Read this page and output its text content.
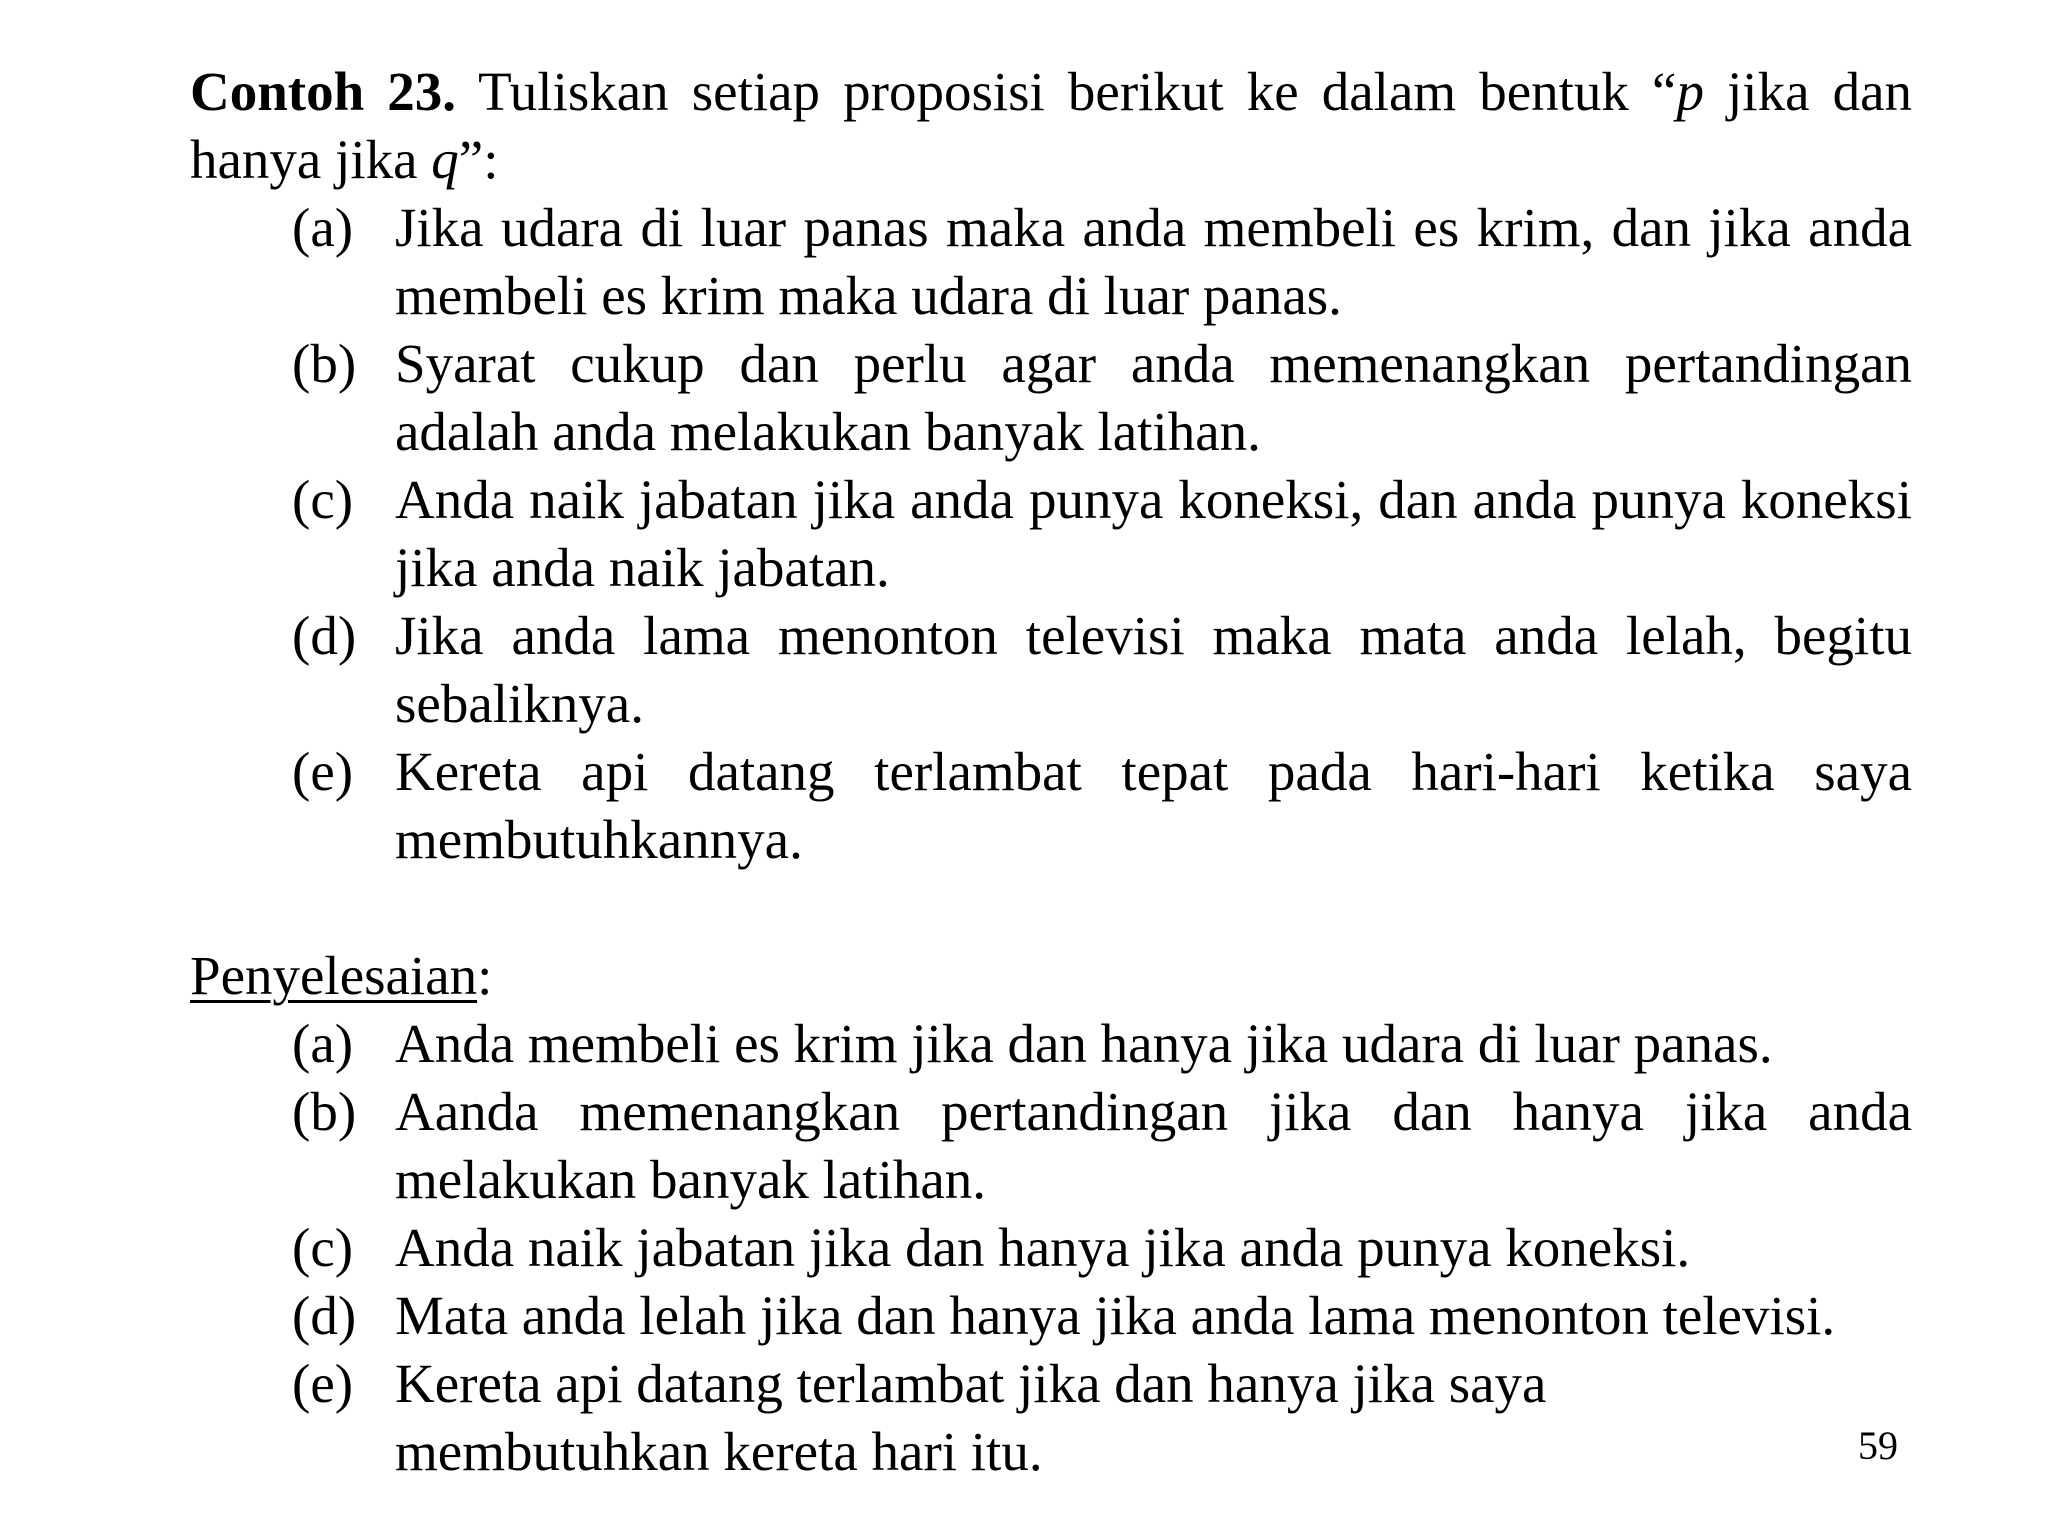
Contoh 23. Tuliskan setiap proposisi berikut ke dalam bentuk “p jika dan hanya jika q”:

(a) Jika udara di luar panas maka anda membeli es krim, dan jika anda membeli es krim maka udara di luar panas.
(b) Syarat cukup dan perlu agar anda memenangkan pertandingan adalah anda melakukan banyak latihan.
(c) Anda naik jabatan jika anda punya koneksi, dan anda punya koneksi jika anda naik jabatan.
(d) Jika anda lama menonton televisi maka mata anda lelah, begitu sebaliknya.
(e) Kereta api datang terlambat tepat pada hari-hari ketika saya membutuhkannya.

Penyelesaian:

(a) Anda membeli es krim jika dan hanya jika udara di luar panas.
(b) Aanda memenangkan pertandingan jika dan hanya jika anda melakukan banyak latihan.
(c) Anda naik jabatan jika dan hanya jika anda punya koneksi.
(d) Mata anda lelah jika dan hanya jika anda lama menonton televisi.
(e) Kereta api datang terlambat jika dan hanya jika saya membutuhkan kereta hari itu.	59
